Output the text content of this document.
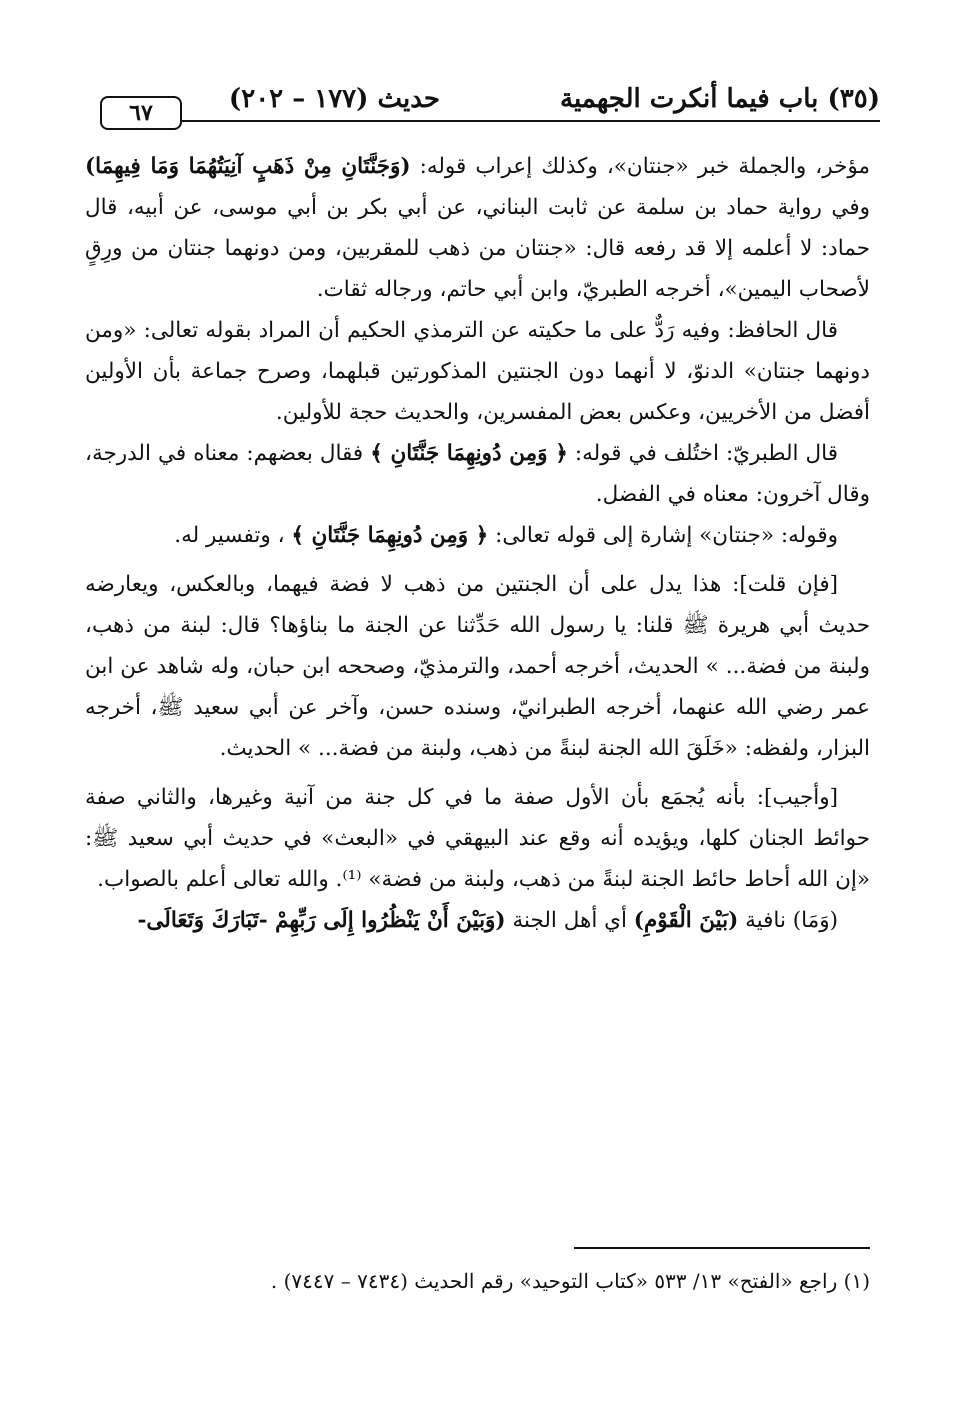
(٣٥) باب فيما أنكرت الجهمية
حديث (١٧٧ – ٢٠٢)
٦٧

مؤخر، والجملة خبر «جنتان»، وكذلك إعراب قوله: (وَجَنَّتَانِ مِنْ ذَهَبٍ آنِيَتُهُمَا وَمَا فِيهِمَا) وفي رواية حماد بن سلمة عن ثابت البناني، عن أبي بكر بن أبي موسى، عن أبيه، قال حماد: لا أعلمه إلا قد رفعه قال: «جنتان من ذهب للمقربين، ومن دونهما جنتان من ورِقٍ لأصحاب اليمين»، أخرجه الطبريّ، وابن أبي حاتم، ورجاله ثقات.

قال الحافظ: وفيه رَدٌّ على ما حكيته عن الترمذي الحكيم أن المراد بقوله تعالى: «ومن دونهما جنتان» الدنوّ، لا أنهما دون الجنتين المذكورتين قبلهما، وصرح جماعة بأن الأولين أفضل من الأخريين، وعكس بعض المفسرين، والحديث حجة للأولين.

قال الطبريّ: اختُلف في قوله: ﴿ وَمِن دُونِهِمَا جَنَّتَانِ ﴾ فقال بعضهم: معناه في الدرجة، وقال آخرون: معناه في الفضل.

وقوله: «جنتان» إشارة إلى قوله تعالى: ﴿ وَمِن دُونِهِمَا جَنَّتَانِ ﴾ ، وتفسير له.

[فإن قلت]: هذا يدل على أن الجنتين من ذهب لا فضة فيهما، وبالعكس، ويعارضه حديث أبي هريرة ﷺ قلنا: يا رسول الله حَدِّثنا عن الجنة ما بناؤها؟ قال: لبنة من ذهب، ولبنة من فضة... » الحديث، أخرجه أحمد، والترمذيّ، وصححه ابن حبان، وله شاهد عن ابن عمر رضي الله عنهما، أخرجه الطبرانيّ، وسنده حسن، وآخر عن أبي سعيد ﷺ، أخرجه البزار، ولفظه: «خَلَقَ الله الجنة لبنةً من ذهب، ولبنة من فضة... » الحديث.

[وأجيب]: بأنه يُجمَع بأن الأول صفة ما في كل جنة من آنية وغيرها، والثاني صفة حوائط الجنان كلها، ويؤيده أنه وقع عند البيهقي في «البعث» في حديث أبي سعيد ﷺ: «إن الله أحاط حائط الجنة لبنةً من ذهب، ولبنة من فضة» ⁽¹⁾. والله تعالى أعلم بالصواب.

(وَمَا) نافية (بَيْنَ الْقَوْمِ) أي أهل الجنة (وَبَيْنَ أَنْ يَنْظُرُوا إِلَى رَبِّهِمْ -تَبَارَكَ وَتَعَالَى-

(١) راجع «الفتح» ١٣/ ٥٣٣ «كتاب التوحيد» رقم الحديث (٧٤٣٤ – ٧٤٤٧) .
